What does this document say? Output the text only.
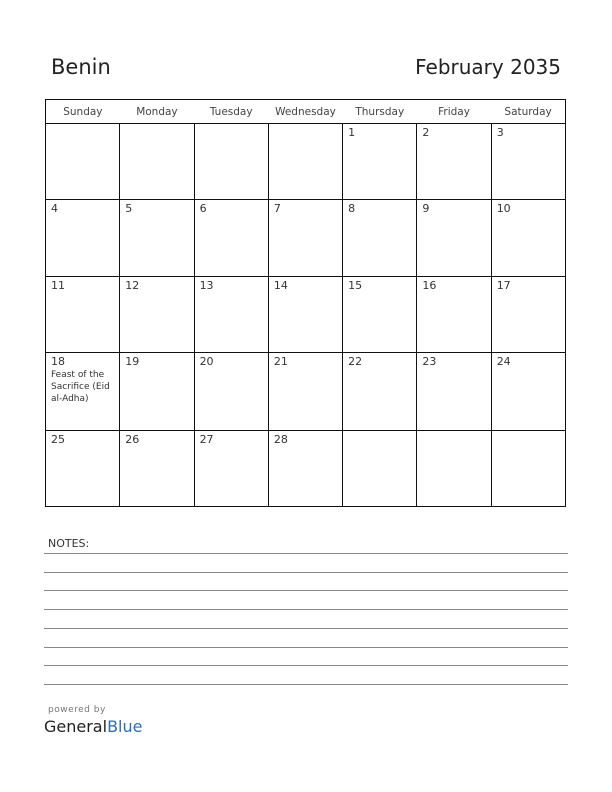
Benin	February 2035
Sunday	Monday	Tuesday	Wednesday	Thursday	Friday	Saturday

				1	2	3

4	5	6	7	8	9	10

11	12	13	14	15	16	17

18
Feast of the Sacrifice (Eid al-Adha)	19	20	21	22	23	24

25	26	27	28			

NOTES:
powered by
GeneralBlue
